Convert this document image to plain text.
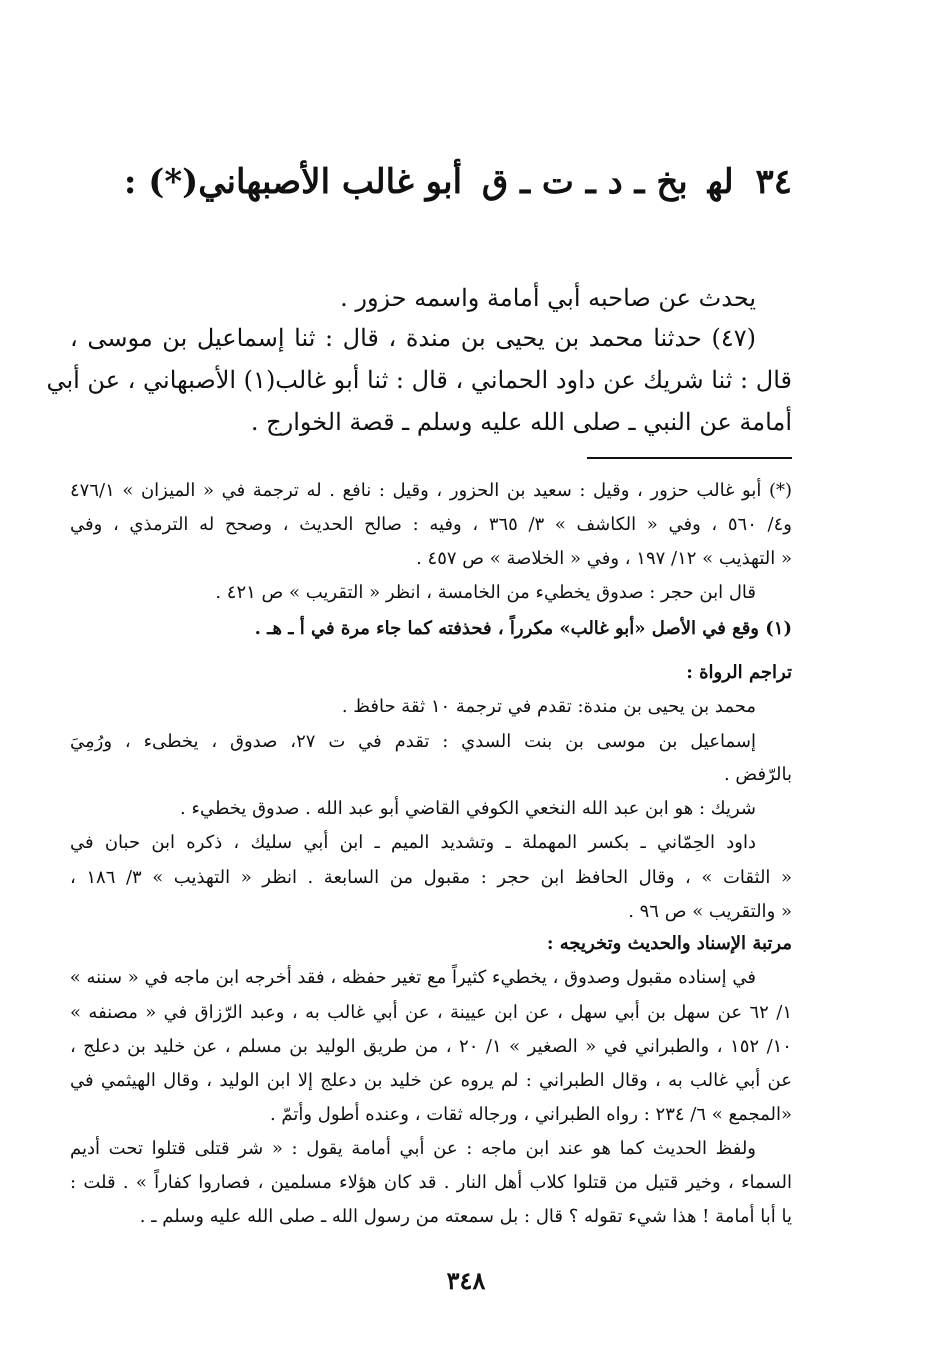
٣٤ ﻟﮭ بخ ـ د ـ ت ـ ق أبو غالب الأصبهاني(*) :
يحدث عن صاحبه أبي أمامة واسمه حزور .
(٤٧) حدثنا محمد بن يحيى بن مندة ، قال : ثنا إسماعيل بن موسى ،
قال : ثنا شريك عن داود الحماني ، قال : ثنا أبو غالب(١) الأصبهاني ، عن أبي
أمامة عن النبي ـ صلى الله عليه وسلم ـ قصة الخوارج .
(*) أبو غالب حزور ، وقيل : سعيد بن الحزور ، وقيل : نافع . له ترجمة في « الميزان » ٤٧٦/١
و٤/ ٥٦٠ ، وفي « الكاشف » ٣/ ٣٦٥ ، وفيه : صالح الحديث ، وصحح له الترمذي ، وفي
« التهذيب » ١٢/ ١٩٧ ، وفي « الخلاصة » ص ٤٥٧ .
قال ابن حجر : صدوق يخطيء من الخامسة ، انظر « التقريب » ص ٤٢١ .
(١) وقع في الأصل «أبو غالب» مكرراً ، فحذفته كما جاء مرة في أ ـ هـ .
تراجم الرواة :
محمد بن يحيى بن مندة: تقدم في ترجمة ١٠ ثقة حافظ .
إسماعيل بن موسى بن بنت السدي : تقدم في ت ٢٧، صدوق ، يخطىء ، ورُمِيَ
بالرّفض .
شريك : هو ابن عبد الله النخعي الكوفي القاضي أبو عبد الله . صدوق يخطيء .
داود الحِمّاني ـ بكسر المهملة ـ وتشديد الميم ـ ابن أبي سليك ، ذكره ابن حبان في
« الثقات » ، وقال الحافظ ابن حجر : مقبول من السابعة . انظر « التهذيب » ٣/ ١٨٦ ،
« والتقريب » ص ٩٦ .
مرتبة الإسناد والحديث وتخريجه :
في إسناده مقبول وصدوق ، يخطيء كثيراً مع تغير حفظه ، فقد أخرجه ابن ماجه في « سننه »
١/ ٦٢ عن سهل بن أبي سهل ، عن ابن عيينة ، عن أبي غالب به ، وعبد الرّزاق في « مصنفه »
١٠/ ١٥٢ ، والطبراني في « الصغير » ١/ ٢٠ ، من طريق الوليد بن مسلم ، عن خليد بن دعلج ،
عن أبي غالب به ، وقال الطبراني : لم يروه عن خليد بن دعلج إلا ابن الوليد ، وقال الهيثمي في
«المجمع » ٦/ ٢٣٤ : رواه الطبراني ، ورجاله ثقات ، وعنده أطول وأتمّ .
ولفظ الحديث كما هو عند ابن ماجه : عن أبي أمامة يقول : « شر قتلى قتلوا تحت أديم
السماء ، وخير قتيل من قتلوا كلاب أهل النار . قد كان هؤلاء مسلمين ، فصاروا كفاراً » . قلت :
يا أبا أمامة ! هذا شيء تقوله ؟ قال : بل سمعته من رسول الله ـ صلى الله عليه وسلم ـ .
٣٤٨
